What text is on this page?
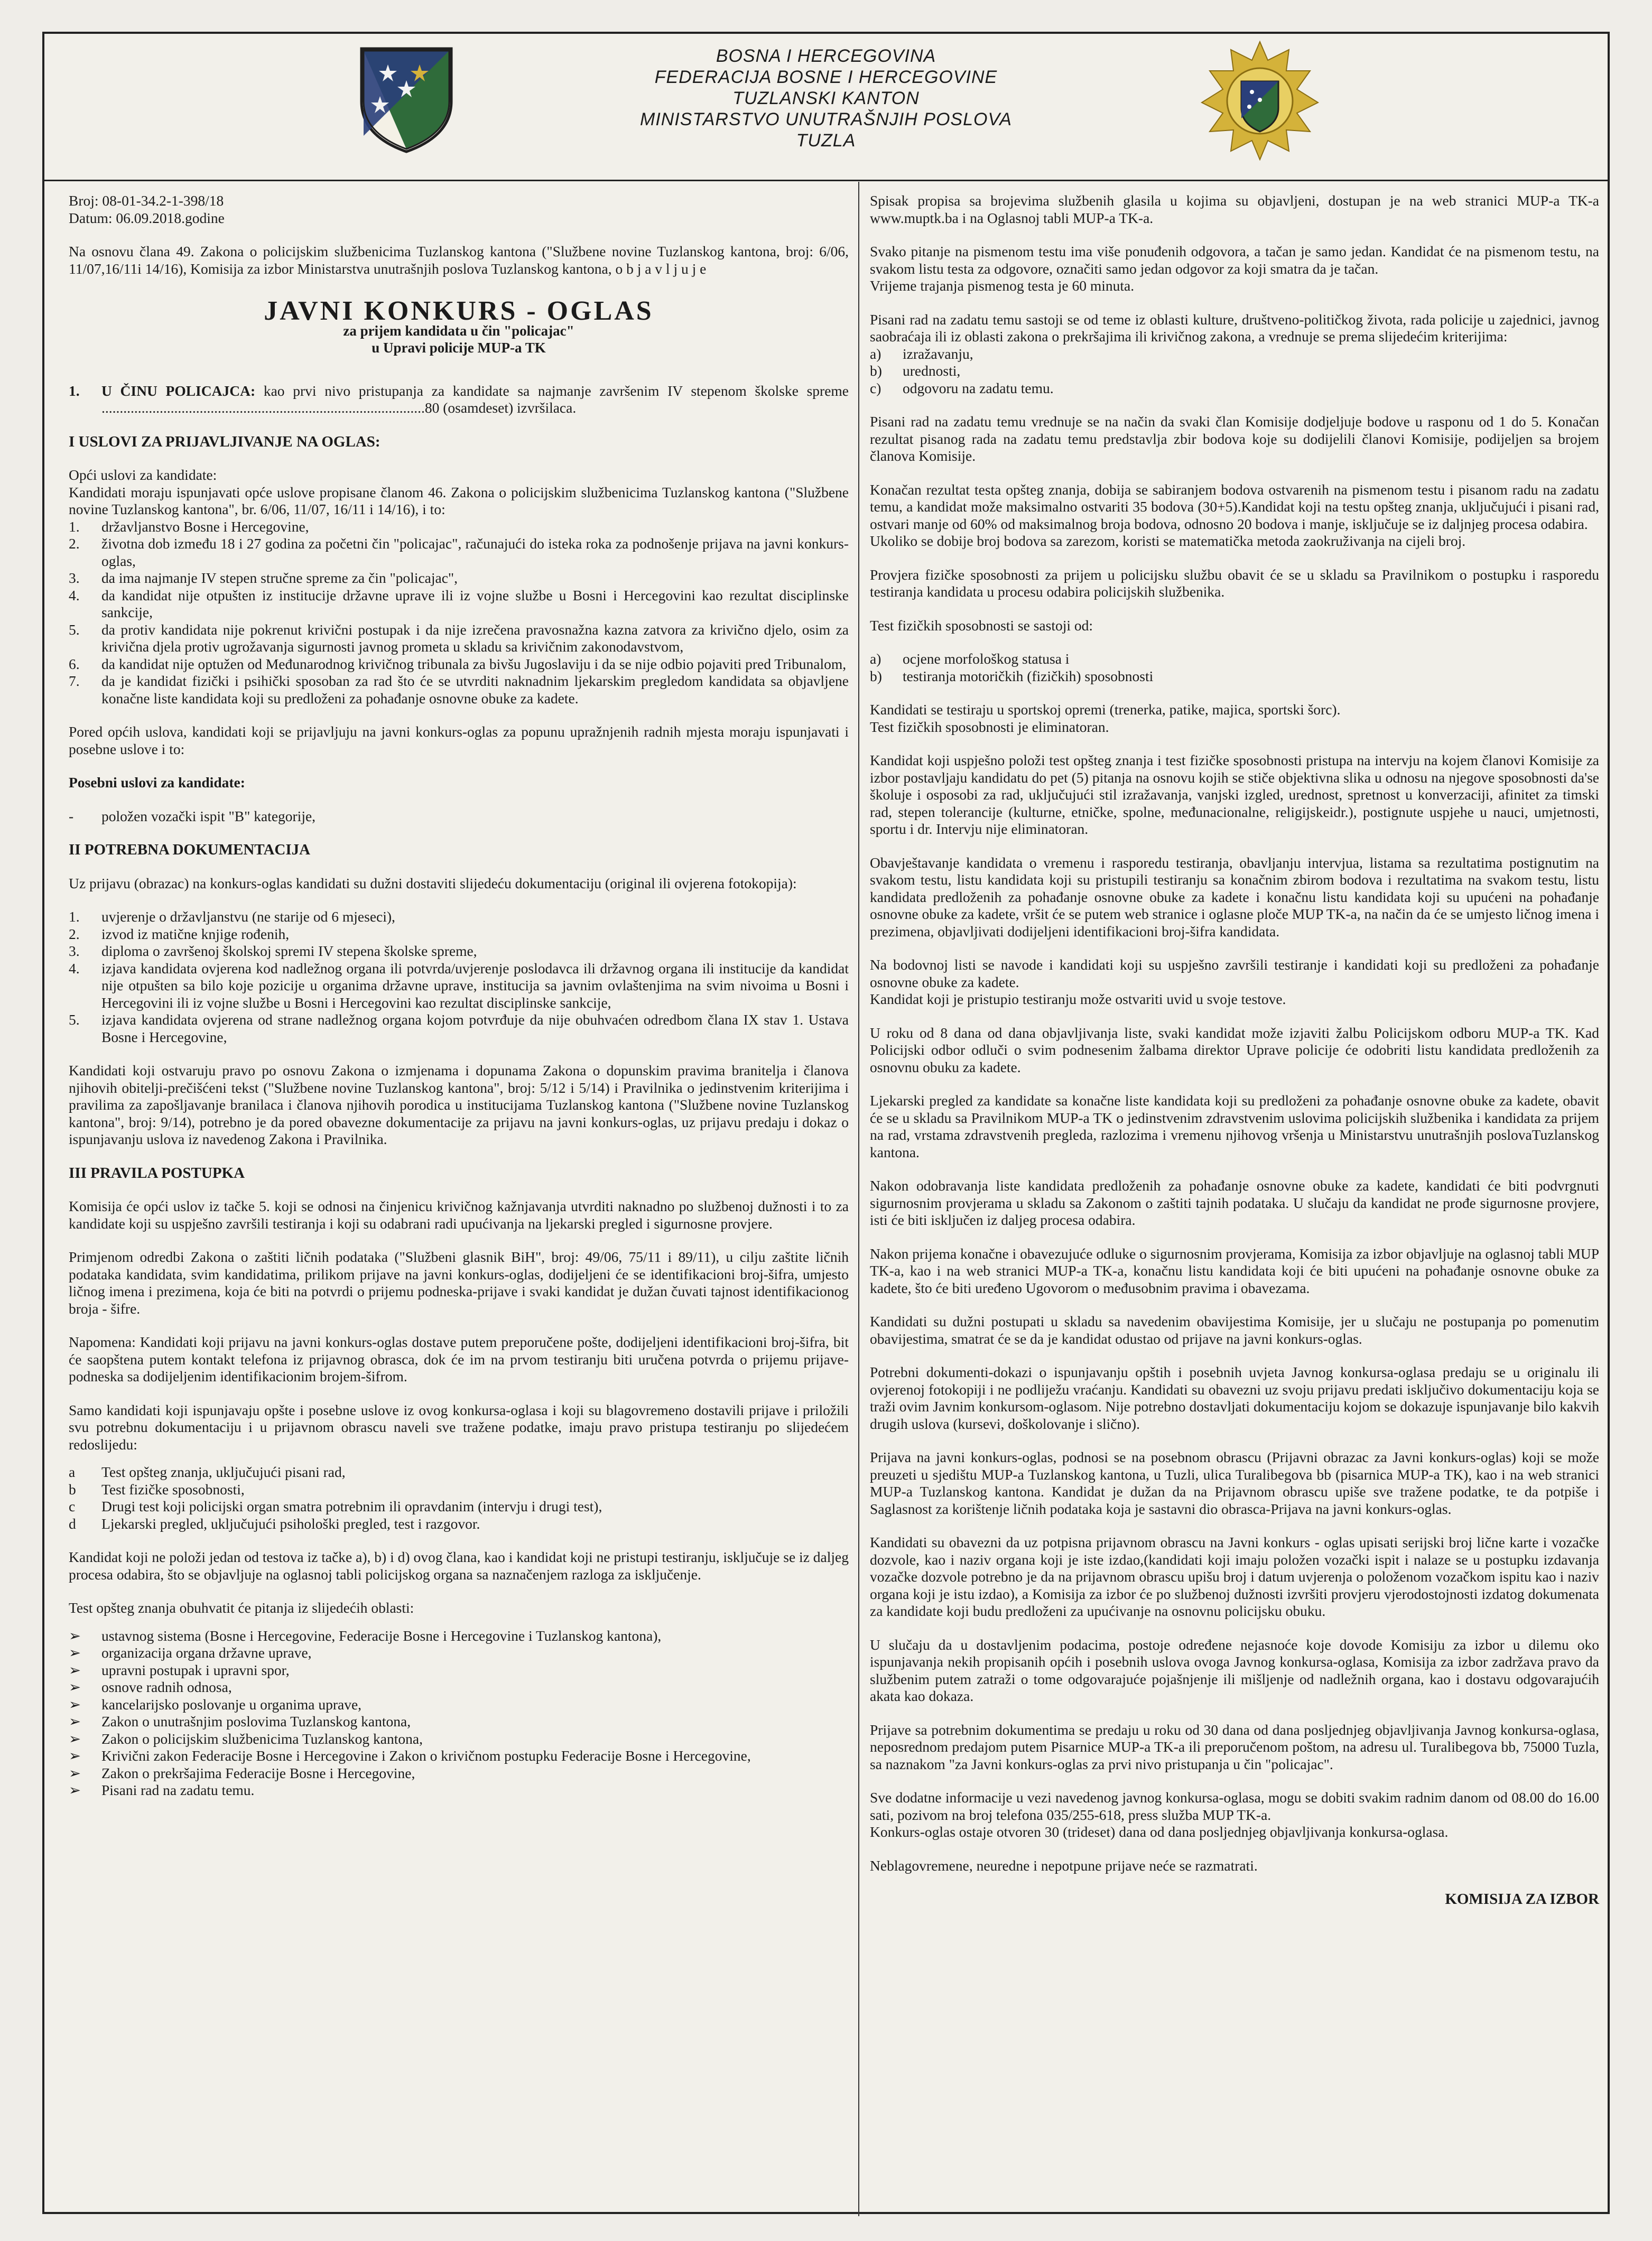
BOSNA I HERCEGOVINA
FEDERACIJA BOSNE I HERCEGOVINE
TUZLANSKI KANTON
MINISTARSTVO UNUTRAŠNJIH POSLOVA
TUZLA

Broj: 08-01-34.2-1-398/18

Datum: 06.09.2018.godine

Na osnovu člana 49. Zakona o policijskim službenicima Tuzlanskog kantona ("Službene novine Tuzlanskog kantona, broj: 6/06, 11/07,16/11i 14/16), Komisija za izbor Ministarstva unutrašnjih poslova Tuzlanskog kantona, o b j a v l j u j e

JAVNI KONKURS - OGLAS
za prijem kandidata u čin "policajac"
u Upravi policije MUP-a TK
1.	U ČINU POLICAJCA: kao prvi nivo pristupanja za kandidate sa najmanje završenim IV stepenom školske spreme .........................................................................................80 (osamdeset) izvršilaca.
I USLOVI ZA PRIJAVLJIVANJE NA OGLAS:

Opći uslovi za kandidate:

Kandidati moraju ispunjavati opće uslove propisane članom 46. Zakona o policijskim službenicima Tuzlanskog kantona ("Službene novine Tuzlanskog kantona", br. 6/06, 11/07, 16/11 i 14/16), i to:

1.	državljanstvo Bosne i Hercegovine,
2.	životna dob između 18 i 27 godina za početni čin "policajac", računajući do isteka roka za podnošenje prijava na javni konkurs-oglas,
3.	da ima najmanje IV stepen stručne spreme za čin "policajac",
4.	da kandidat nije otpušten iz institucije državne uprave ili iz vojne službe u Bosni i Hercegovini kao rezultat disciplinske sankcije,
5.	da protiv kandidata nije pokrenut krivični postupak i da nije izrečena pravosnažna kazna zatvora za krivično djelo, osim za krivična djela protiv ugrožavanja sigurnosti javnog prometa u skladu sa krivičnim zakonodavstvom,
6.	da kandidat nije optužen od Međunarodnog krivičnog tribunala za bivšu Jugoslaviju i da se nije odbio pojaviti pred Tribunalom,
7.	da je kandidat fizički i psihički sposoban za rad što će se utvrditi naknadnim ljekarskim pregledom kandidata sa objavljene konačne liste kandidata koji su predloženi za pohađanje osnovne obuke za kadete.

Pored općih uslova, kandidati koji se prijavljuju na javni konkurs-oglas za popunu upražnjenih radnih mjesta moraju ispunjavati i posebne uslove i to:

Posebni uslovi za kandidate:

-	položen vozački ispit "B" kategorije,
II POTREBNA DOKUMENTACIJA

Uz prijavu (obrazac) na konkurs-oglas kandidati su dužni dostaviti slijedeću dokumentaciju (original ili ovjerena fotokopija):

1.	uvjerenje o državljanstvu (ne starije od 6 mjeseci),
2.	izvod iz matične knjige rođenih,
3.	diploma o završenoj školskoj spremi IV stepena školske spreme,
4.	izjava kandidata ovjerena kod nadležnog organa ili potvrda/uvjerenje poslodavca ili državnog organa ili institucije da kandidat nije otpušten sa bilo koje pozicije u organima državne uprave, institucija sa javnim ovlaštenjima na svim nivoima u Bosni i Hercegovini ili iz vojne službe u Bosni i Hercegovini kao rezultat disciplinske sankcije,
5.	izjava kandidata ovjerena od strane nadležnog organa kojom potvrđuje da nije obuhvaćen odredbom člana IX stav 1. Ustava Bosne i Hercegovine,

Kandidati koji ostvaruju pravo po osnovu Zakona o izmjenama i dopunama Zakona o dopunskim pravima branitelja i članova njihovih obitelji-prečišćeni tekst ("Službene novine Tuzlanskog kantona", broj: 5/12 i 5/14) i Pravilnika o jedinstvenim kriterijima i pravilima za zapošljavanje branilaca i članova njihovih porodica u institucijama Tuzlanskog kantona ("Službene novine Tuzlanskog kantona", broj: 9/14), potrebno je da pored obavezne dokumentacije za prijavu na javni konkurs-oglas, uz prijavu predaju i dokaz o ispunjavanju uslova iz navedenog Zakona i Pravilnika.

III PRAVILA POSTUPKA

Komisija će opći uslov iz tačke 5. koji se odnosi na činjenicu krivičnog kažnjavanja utvrditi naknadno po službenoj dužnosti i to za kandidate koji su uspješno završili testiranja i koji su odabrani radi upućivanja na ljekarski pregled i sigurnosne provjere.

Primjenom odredbi Zakona o zaštiti ličnih podataka ("Službeni glasnik BiH", broj: 49/06, 75/11 i 89/11), u cilju zaštite ličnih podataka kandidata, svim kandidatima, prilikom prijave na javni konkurs-oglas, dodijeljeni će se identifikacioni broj-šifra, umjesto ličnog imena i prezimena, koja će biti na potvrdi o prijemu podneska-prijave i svaki kandidat je dužan čuvati tajnost identifikacionog broja - šifre.

Napomena: Kandidati koji prijavu na javni konkurs-oglas dostave putem preporučene pošte, dodijeljeni identifikacioni broj-šifra, bit će saopštena putem kontakt telefona iz prijavnog obrasca, dok će im na prvom testiranju biti uručena potvrda o prijemu prijave-podneska sa dodijeljenim identifikacionim brojem-šifrom.

Samo kandidati koji ispunjavaju opšte i posebne uslove iz ovog konkursa-oglasa i koji su blagovremeno dostavili prijave i priložili svu potrebnu dokumentaciju i u prijavnom obrascu naveli sve tražene podatke, imaju pravo pristupa testiranju po slijedećem redoslijedu:

a	Test opšteg znanja, uključujući pisani rad,
b	Test fizičke sposobnosti,
c	Drugi test koji policijski organ smatra potrebnim ili opravdanim (intervju i drugi test),
d	Ljekarski pregled, uključujući psihološki pregled, test i razgovor.

Kandidat koji ne položi jedan od testova iz tačke a), b) i d) ovog člana, kao i kandidat koji ne pristupi testiranju, isključuje se iz daljeg procesa odabira, što se objavljuje na oglasnoj tabli policijskog organa sa naznačenjem razloga za isključenje.

Test opšteg znanja obuhvatit će pitanja iz slijedećih oblasti:

➢	ustavnog sistema (Bosne i Hercegovine, Federacije Bosne i Hercegovine i Tuzlanskog kantona),
➢	organizacija organa državne uprave,
➢	upravni postupak i upravni spor,
➢	osnove radnih odnosa,
➢	kancelarijsko poslovanje u organima uprave,
➢	Zakon o unutrašnjim poslovima Tuzlanskog kantona,
➢	Zakon o policijskim službenicima Tuzlanskog kantona,
➢	Krivični zakon Federacije Bosne i Hercegovine i Zakon o krivičnom postupku Federacije Bosne i Hercegovine,
➢	Zakon o prekršajima Federacije Bosne i Hercegovine,
➢	Pisani rad na zadatu temu.

Spisak propisa sa brojevima službenih glasila u kojima su objavljeni, dostupan je na web stranici MUP-a TK-a www.muptk.ba i na Oglasnoj tabli MUP-a TK-a.

Svako pitanje na pismenom testu ima više ponuđenih odgovora, a tačan je samo jedan. Kandidat će na pismenom testu, na svakom listu testa za odgovore, označiti samo jedan odgovor za koji smatra da je tačan.

Vrijeme trajanja pismenog testa je 60 minuta.

Pisani rad na zadatu temu sastoji se od teme iz oblasti kulture, društveno-političkog života, rada policije u zajednici, javnog saobraćaja ili iz oblasti zakona o prekršajima ili krivičnog zakona, a vrednuje se prema slijedećim kriterijima:

a)	izražavanju,
b)	urednosti,
c)	odgovoru na zadatu temu.

Pisani rad na zadatu temu vrednuje se na način da svaki član Komisije dodjeljuje bodove u rasponu od 1 do 5. Konačan rezultat pisanog rada na zadatu temu predstavlja zbir bodova koje su dodijelili članovi Komisije, podijeljen sa brojem članova Komisije.

Konačan rezultat testa opšteg znanja, dobija se sabiranjem bodova ostvarenih na pismenom testu i pisanom radu na zadatu temu, a kandidat može maksimalno ostvariti 35 bodova (30+5).Kandidat koji na testu opšteg znanja, uključujući i pisani rad, ostvari manje od 60% od maksimalnog broja bodova, odnosno 20 bodova i manje, isključuje se iz daljnjeg procesa odabira.

Ukoliko se dobije broj bodova sa zarezom, koristi se matematička metoda zaokruživanja na cijeli broj.

Provjera fizičke sposobnosti za prijem u policijsku službu obavit će se u skladu sa Pravilnikom o postupku i rasporedu testiranja kandidata u procesu odabira policijskih službenika.

Test fizičkih sposobnosti se sastoji od:

a)	ocjene morfološkog statusa i
b)	testiranja motoričkih (fizičkih) sposobnosti

Kandidati se testiraju u sportskoj opremi (trenerka, patike, majica, sportski šorc).

Test fizičkih sposobnosti je eliminatoran.

Kandidat koji uspješno položi test opšteg znanja i test fizičke sposobnosti pristupa na intervju na kojem članovi Komisije za izbor postavljaju kandidatu do pet (5) pitanja na osnovu kojih se stiče objektivna slika u odnosu na njegove sposobnosti da'se školuje i osposobi za rad, uključujući stil izražavanja, vanjski izgled, urednost, spretnost u konverzaciji, afinitet za timski rad, stepen tolerancije (kulturne, etničke, spolne, međunacionalne, religijskeidr.), postignute uspjehe u nauci, umjetnosti, sportu i dr. Intervju nije eliminatoran.

Obavještavanje kandidata o vremenu i rasporedu testiranja, obavljanju intervjua, listama sa rezultatima postignutim na svakom testu, listu kandidata koji su pristupili testiranju sa konačnim zbirom bodova i rezultatima na svakom testu, listu kandidata predloženih za pohađanje osnovne obuke za kadete i konačnu listu kandidata koji su upućeni na pohađanje osnovne obuke za kadete, vršit će se putem web stranice i oglasne ploče MUP TK-a, na način da će se umjesto ličnog imena i prezimena, objavljivati dodijeljeni identifikacioni broj-šifra kandidata.

Na bodovnoj listi se navode i kandidati koji su uspješno završili testiranje i kandidati koji su predloženi za pohađanje osnovne obuke za kadete.

Kandidat koji je pristupio testiranju može ostvariti uvid u svoje testove.

U roku od 8 dana od dana objavljivanja liste, svaki kandidat može izjaviti žalbu Policijskom odboru MUP-a TK. Kad Policijski odbor odluči o svim podnesenim žalbama direktor Uprave policije će odobriti listu kandidata predloženih za osnovnu obuku za kadete.

Ljekarski pregled za kandidate sa konačne liste kandidata koji su predloženi za pohađanje osnovne obuke za kadete, obavit će se u skladu sa Pravilnikom MUP-a TK o jedinstvenim zdravstvenim uslovima policijskih službenika i kandidata za prijem na rad, vrstama zdravstvenih pregleda, razlozima i vremenu njihovog vršenja u Ministarstvu unutrašnjih poslovaTuzlanskog kantona.

Nakon odobravanja liste kandidata predloženih za pohađanje osnovne obuke za kadete, kandidati će biti podvrgnuti sigurnosnim provjerama u skladu sa Zakonom o zaštiti tajnih podataka. U slučaju da kandidat ne prođe sigurnosne provjere, isti će biti isključen iz daljeg procesa odabira.

Nakon prijema konačne i obavezujuće odluke o sigurnosnim provjerama, Komisija za izbor objavljuje na oglasnoj tabli MUP TK-a, kao i na web stranici MUP-a TK-a, konačnu listu kandidata koji će biti upućeni na pohađanje osnovne obuke za kadete, što će biti uređeno Ugovorom o međusobnim pravima i obavezama.

Kandidati su dužni postupati u skladu sa navedenim obavijestima Komisije, jer u slučaju ne postupanja po pomenutim obavijestima, smatrat će se da je kandidat odustao od prijave na javni konkurs-oglas.

Potrebni dokumenti-dokazi o ispunjavanju opštih i posebnih uvjeta Javnog konkursa-oglasa predaju se u originalu ili ovjerenoj fotokopiji i ne podliježu vraćanju. Kandidati su obavezni uz svoju prijavu predati isključivo dokumentaciju koja se traži ovim Javnim konkursom-oglasom. Nije potrebno dostavljati dokumentaciju kojom se dokazuje ispunjavanje bilo kakvih drugih uslova (kursevi, doškolovanje i slično).

Prijava na javni konkurs-oglas, podnosi se na posebnom obrascu (Prijavni obrazac za Javni konkurs-oglas) koji se može preuzeti u sjedištu MUP-a Tuzlanskog kantona, u Tuzli, ulica Turalibegova bb (pisarnica MUP-a TK), kao i na web stranici MUP-a Tuzlanskog kantona. Kandidat je dužan da na Prijavnom obrascu upiše sve tražene podatke, te da potpiše i Saglasnost za korištenje ličnih podataka koja je sastavni dio obrasca-Prijava na javni konkurs-oglas.

Kandidati su obavezni da uz potpisna prijavnom obrascu na Javni konkurs - oglas upisati serijski broj lične karte i vozačke dozvole, kao i naziv organa koji je iste izdao,(kandidati koji imaju položen vozački ispit i nalaze se u postupku izdavanja vozačke dozvole potrebno je da na prijavnom obrascu upišu broj i datum uvjerenja o položenom vozačkom ispitu kao i naziv organa koji je istu izdao), a Komisija za izbor će po službenoj dužnosti izvršiti provjeru vjerodostojnosti izdatog dokumenata za kandidate koji budu predloženi za upućivanje na osnovnu policijsku obuku.

U slučaju da u dostavljenim podacima, postoje određene nejasnoće koje dovode Komisiju za izbor u dilemu oko ispunjavanja nekih propisanih općih i posebnih uslova ovoga Javnog konkursa-oglasa, Komisija za izbor zadržava pravo da službenim putem zatraži o tome odgovarajuće pojašnjenje ili mišljenje od nadležnih organa, kao i dostavu odgovarajućih akata kao dokaza.

Prijave sa potrebnim dokumentima se predaju u roku od 30 dana od dana posljednjeg objavljivanja Javnog konkursa-oglasa, neposrednom predajom putem Pisarnice MUP-a TK-a ili preporučenom poštom, na adresu ul. Turalibegova bb, 75000 Tuzla, sa naznakom "za Javni konkurs-oglas za prvi nivo pristupanja u čin "policajac".

Sve dodatne informacije u vezi navedenog javnog konkursa-oglasa, mogu se dobiti svakim radnim danom od 08.00 do 16.00 sati, pozivom na broj telefona 035/255-618, press služba MUP TK-a.

Konkurs-oglas ostaje otvoren 30 (trideset) dana od dana posljednjeg objavljivanja konkursa-oglasa.

Neblagovremene, neuredne i nepotpune prijave neće se razmatrati.

KOMISIJA ZA IZBOR
